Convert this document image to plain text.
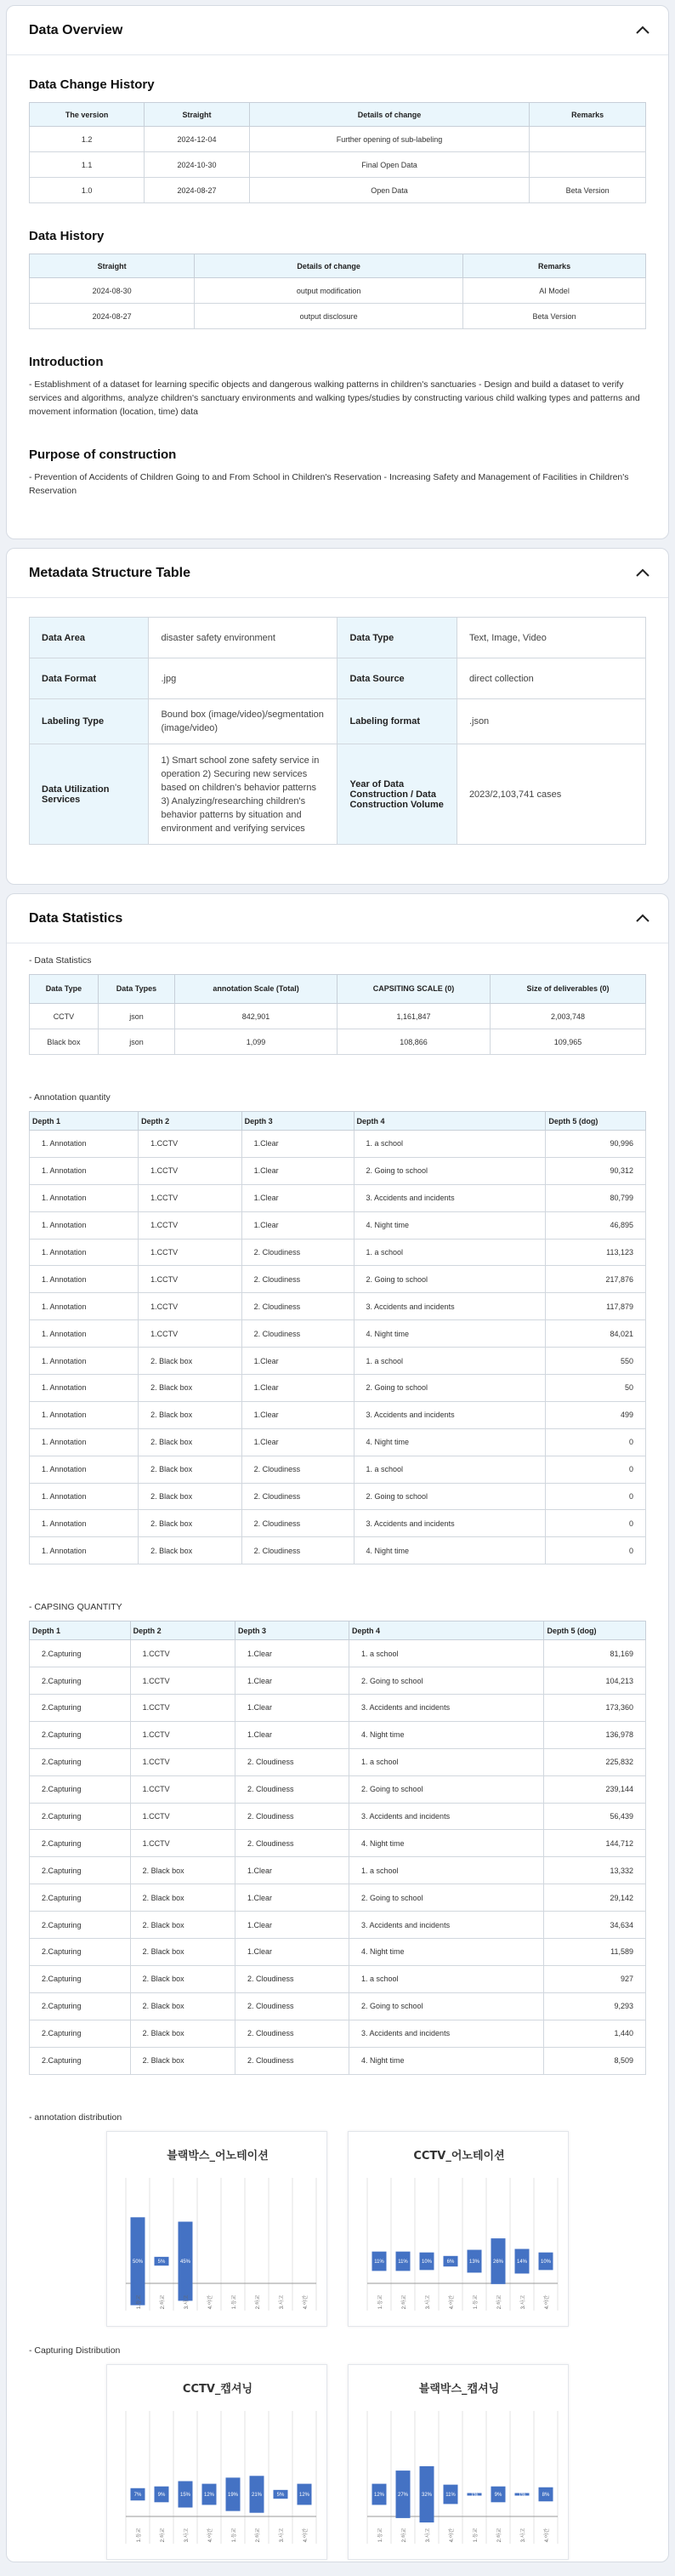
Data Overview
Data Change History
The version	Straight	Details of change	Remarks
1.2	2024-12-04	Further opening of sub-labeling	
1.1	2024-10-30	Final Open Data	
1.0	2024-08-27	Open Data	Beta Version
Data History
Straight	Details of change	Remarks
2024-08-30	output modification	AI Model
2024-08-27	output disclosure	Beta Version
Introduction

- Establishment of a dataset for learning specific objects and dangerous walking patterns in children's sanctuaries - Design and build a dataset to verify services and algorithms, analyze children's sanctuary environments and walking types/studies by constructing various child walking types and patterns and movement information (location, time) data

Purpose of construction

- Prevention of Accidents of Children Going to and From School in Children's Reservation - Increasing Safety and Management of Facilities in Children's Reservation

Metadata Structure Table
Data Area	disaster safety environment	Data Type	Text, Image, Video
Data Format	.jpg	Data Source	direct collection
Labeling Type	Bound box (image/video)/segmentation (image/video)	Labeling format	.json
Data Utilization Services	1) Smart school zone safety service in operation 2) Securing new services based on children's behavior patterns 3) Analyzing/researching children's behavior patterns by situation and environment and verifying services	Year of Data Construction / Data Construction Volume	2023/2,103,741 cases
Data Statistics
- Data Statistics
Data Type	Data Types	annotation Scale (Total)	CAPSITING SCALE (0)	Size of deliverables (0)
CCTV	json	842,901	1,161,847	2,003,748
Black box	json	1,099	108,866	109,965
- Annotation quantity
Depth 1	Depth 2	Depth 3	Depth 4	Depth 5 (dog)
1. Annotation	1.CCTV	1.Clear	1. a school	90,996
1. Annotation	1.CCTV	1.Clear	2. Going to school	90,312
1. Annotation	1.CCTV	1.Clear	3. Accidents and incidents	80,799
1. Annotation	1.CCTV	1.Clear	4. Night time	46,895
1. Annotation	1.CCTV	2. Cloudiness	1. a school	113,123
1. Annotation	1.CCTV	2. Cloudiness	2. Going to school	217,876
1. Annotation	1.CCTV	2. Cloudiness	3. Accidents and incidents	117,879
1. Annotation	1.CCTV	2. Cloudiness	4. Night time	84,021
1. Annotation	2. Black box	1.Clear	1. a school	550
1. Annotation	2. Black box	1.Clear	2. Going to school	50
1. Annotation	2. Black box	1.Clear	3. Accidents and incidents	499
1. Annotation	2. Black box	1.Clear	4. Night time	0
1. Annotation	2. Black box	2. Cloudiness	1. a school	0
1. Annotation	2. Black box	2. Cloudiness	2. Going to school	0
1. Annotation	2. Black box	2. Cloudiness	3. Accidents and incidents	0
1. Annotation	2. Black box	2. Cloudiness	4. Night time	0
- CAPSING QUANTITY
Depth 1	Depth 2	Depth 3	Depth 4	Depth 5 (dog)
2.Capturing	1.CCTV	1.Clear	1. a school	81,169
2.Capturing	1.CCTV	1.Clear	2. Going to school	104,213
2.Capturing	1.CCTV	1.Clear	3. Accidents and incidents	173,360
2.Capturing	1.CCTV	1.Clear	4. Night time	136,978
2.Capturing	1.CCTV	2. Cloudiness	1. a school	225,832
2.Capturing	1.CCTV	2. Cloudiness	2. Going to school	239,144
2.Capturing	1.CCTV	2. Cloudiness	3. Accidents and incidents	56,439
2.Capturing	1.CCTV	2. Cloudiness	4. Night time	144,712
2.Capturing	2. Black box	1.Clear	1. a school	13,332
2.Capturing	2. Black box	1.Clear	2. Going to school	29,142
2.Capturing	2. Black box	1.Clear	3. Accidents and incidents	34,634
2.Capturing	2. Black box	1.Clear	4. Night time	11,589
2.Capturing	2. Black box	2. Cloudiness	1. a school	927
2.Capturing	2. Black box	2. Cloudiness	2. Going to school	9,293
2.Capturing	2. Black box	2. Cloudiness	3. Accidents and incidents	1,440
2.Capturing	2. Black box	2. Cloudiness	4. Night time	8,509
- annotation distribution
블랙박스_어노테이션
50%
1.등교
5%
2.하교
45%
3.사고	4.야간	1.등교	2.하교	3.사고	4.야간
CCTV_어노테이션
11%
1.등교
11%
2.하교
10%
3.사고
6%
4.야간
13%
1.등교
26%
2.하교
14%
3.사고
10%
4.야간
- Capturing Distribution
CCTV_캡셔닝
7%
1.등교
9%
2.하교
15%
3.사고
12%
4.야간
19%
1.등교
21%
2.하교
5%
3.사고
12%
4.야간
블랙박스_캡셔닝
12%
1.등교
27%
2.하교
32%
3.사고
11%
4.야간
1%
1.등교
9%
2.하교
1%
3.사고
8%
4.야간
